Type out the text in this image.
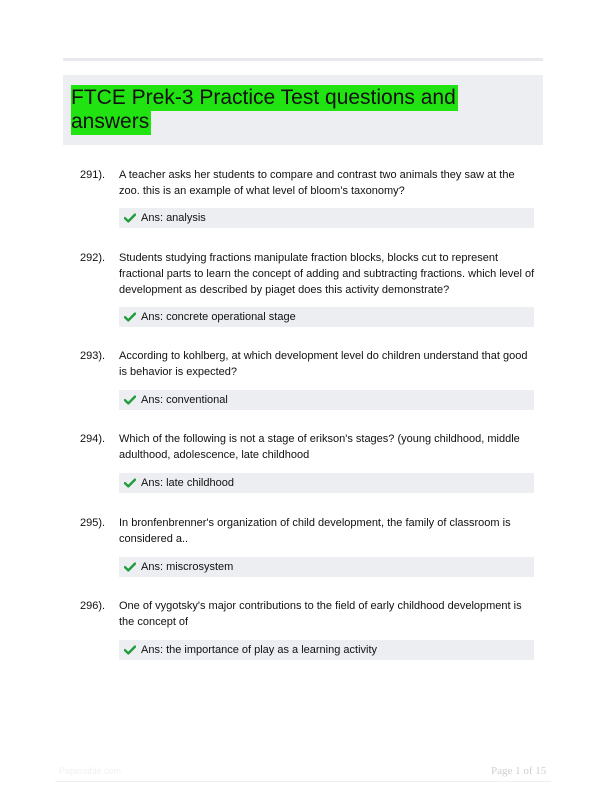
FTCE Prek-3 Practice Test questions and answers
291). A teacher asks her students to compare and contrast two animals they saw at the zoo. this is an example of what level of bloom's taxonomy?
Ans: analysis
292). Students studying fractions manipulate fraction blocks, blocks cut to represent fractional parts to learn the concept of adding and subtracting fractions. which level of development as described by piaget does this activity demonstrate?
Ans: concrete operational stage
293). According to kohlberg, at which development level do children understand that good is behavior is expected?
Ans: conventional
294). Which of the following is not a stage of erikson's stages? (young childhood, middle adulthood, adolescence, late childhood
Ans: late childhood
295). In bronfenbrenner's organization of child development, the family of classroom is considered a..
Ans: miscrosystem
296). One of vygotsky's major contributions to the field of early childhood development is the concept of
Ans: the importance of play as a learning activity
Papersible.com	Page 1 of 15
